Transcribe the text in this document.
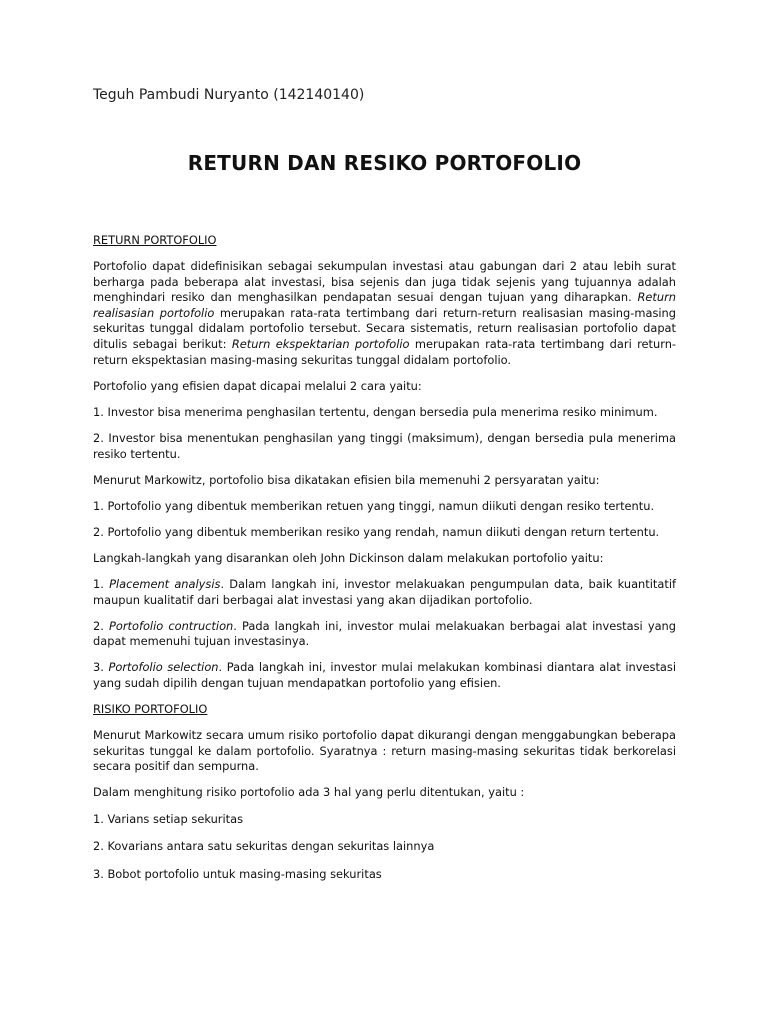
Teguh Pambudi Nuryanto (142140140)
RETURN DAN RESIKO PORTOFOLIO
RETURN PORTOFOLIO

Portofolio dapat didefinisikan sebagai sekumpulan investasi atau gabungan dari 2 atau lebih surat berharga pada beberapa alat investasi, bisa sejenis dan juga tidak sejenis yang tujuannya adalah menghindari resiko dan menghasilkan pendapatan sesuai dengan tujuan yang diharapkan. Return realisasian portofolio merupakan rata-rata tertimbang dari return-return realisasian masing-masing sekuritas tunggal didalam portofolio tersebut. Secara sistematis, return realisasian portofolio dapat ditulis sebagai berikut: Return ekspektarian portofolio merupakan rata-rata tertimbang dari return-return ekspektasian masing-masing sekuritas tunggal didalam portofolio.

Portofolio yang efisien dapat dicapai melalui 2 cara yaitu:

1. Investor bisa menerima penghasilan tertentu, dengan bersedia pula menerima resiko minimum.

2. Investor bisa menentukan penghasilan yang tinggi (maksimum), dengan bersedia pula menerima resiko tertentu.

Menurut Markowitz, portofolio bisa dikatakan efisien bila memenuhi 2 persyaratan yaitu:

1. Portofolio yang dibentuk memberikan retuen yang tinggi, namun diikuti dengan resiko tertentu.

2. Portofolio yang dibentuk memberikan resiko yang rendah, namun diikuti dengan return tertentu.

Langkah-langkah yang disarankan oleh John Dickinson dalam melakukan portofolio yaitu:

1. Placement analysis. Dalam langkah ini, investor melakuakan pengumpulan data, baik kuantitatif maupun kualitatif dari berbagai alat investasi yang akan dijadikan portofolio.

2. Portofolio contruction. Pada langkah ini, investor mulai melakuakan berbagai alat investasi yang dapat memenuhi tujuan investasinya.

3. Portofolio selection. Pada langkah ini, investor mulai melakukan kombinasi diantara alat investasi yang sudah dipilih dengan tujuan mendapatkan portofolio yang efisien.

RISIKO PORTOFOLIO

Menurut Markowitz secara umum risiko portofolio dapat dikurangi dengan menggabungkan beberapa sekuritas tunggal ke dalam portofolio. Syaratnya : return masing-masing sekuritas tidak berkorelasi secara positif dan sempurna.

Dalam menghitung risiko portofolio ada 3 hal yang perlu ditentukan, yaitu :

1. Varians setiap sekuritas

2. Kovarians antara satu sekuritas dengan sekuritas lainnya

3. Bobot portofolio untuk masing-masing sekuritas
